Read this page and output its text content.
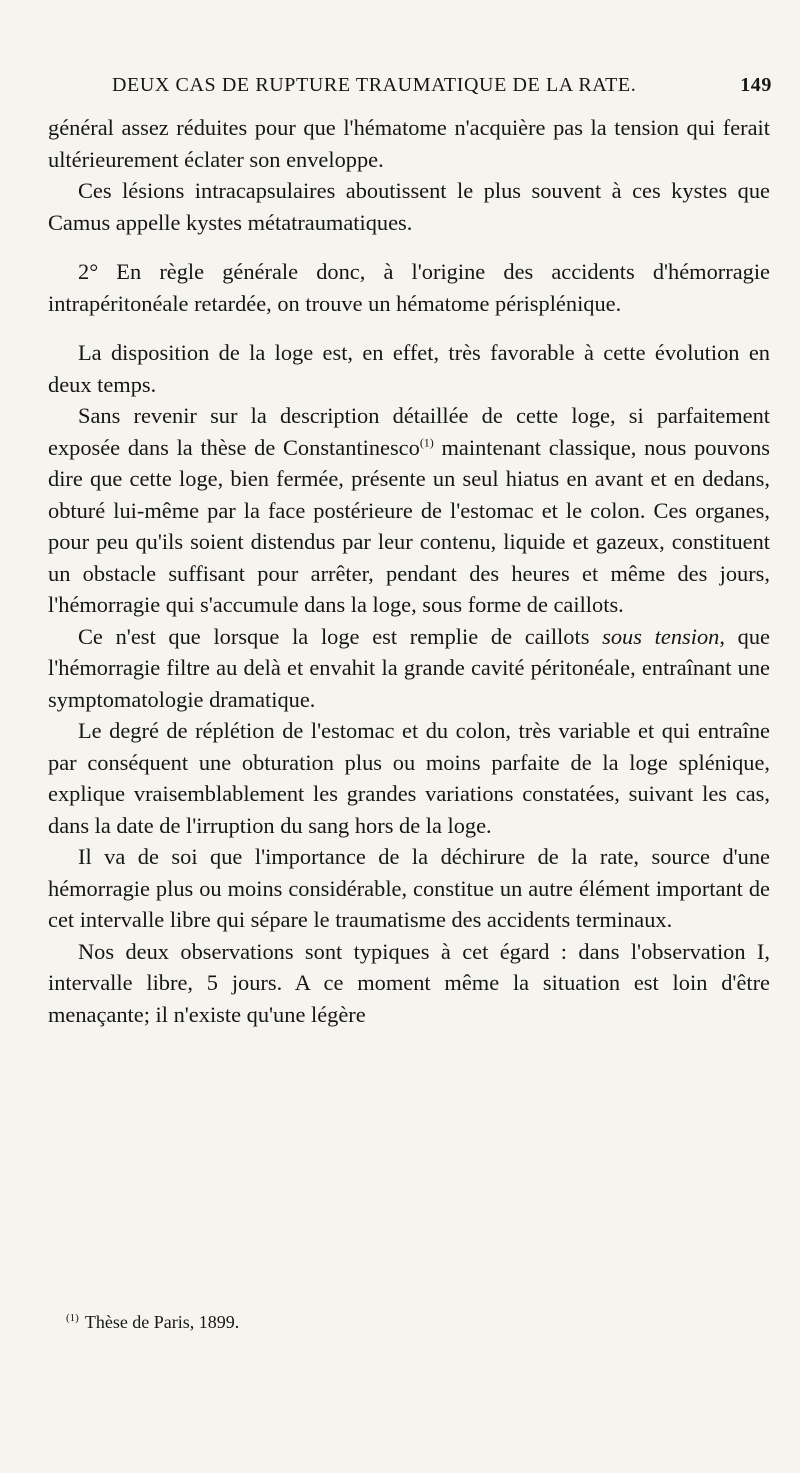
DEUX CAS DE RUPTURE TRAUMATIQUE DE LA RATE.	149

général assez réduites pour que l'hématome n'acquière pas la tension qui ferait ultérieurement éclater son enveloppe.

Ces lésions intracapsulaires aboutissent le plus souvent à ces kystes que Camus appelle kystes métatraumatiques.

2° En règle générale donc, à l'origine des accidents d'hémorragie intrapéritonéale retardée, on trouve un hématome périsplénique.

La disposition de la loge est, en effet, très favorable à cette évolution en deux temps.

Sans revenir sur la description détaillée de cette loge, si parfaitement exposée dans la thèse de Constantinesco$^{(1)}$ maintenant classique, nous pouvons dire que cette loge, bien fermée, présente un seul hiatus en avant et en dedans, obturé lui-même par la face postérieure de l'estomac et le colon. Ces organes, pour peu qu'ils soient distendus par leur contenu, liquide et gazeux, constituent un obstacle suffisant pour arrêter, pendant des heures et même des jours, l'hémorragie qui s'accumule dans la loge, sous forme de caillots.

Ce n'est que lorsque la loge est remplie de caillots sous tension, que l'hémorragie filtre au delà et envahit la grande cavité péritonéale, entraînant une symptomatologie dramatique.

Le degré de réplétion de l'estomac et du colon, très variable et qui entraîne par conséquent une obturation plus ou moins parfaite de la loge splénique, explique vraisemblablement les grandes variations constatées, suivant les cas, dans la date de l'irruption du sang hors de la loge.

Il va de soi que l'importance de la déchirure de la rate, source d'une hémorragie plus ou moins considérable, constitue un autre élément important de cet intervalle libre qui sépare le traumatisme des accidents terminaux.

Nos deux observations sont typiques à cet égard : dans l'observation I, intervalle libre, 5 jours. A ce moment même la situation est loin d'être menaçante; il n'existe qu'une légère

$^{(1)}$ Thèse de Paris, 1899.
